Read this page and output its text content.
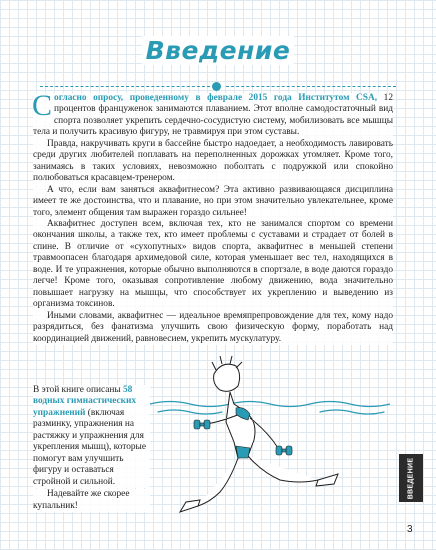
Введение

Согласно опросу, проведенному в феврале 2015 года Институтом CSA, 12 процентов француженок занимаются плаванием. Этот вполне самодостаточный вид спорта позволяет укрепить сердечно-сосудистую систему, мобилизовать все мышцы тела и получить красивую фигуру, не травмируя при этом суставы.

Правда, накручивать круги в бассейне быстро надоедает, а необходимость лавировать среди других любителей поплавать на переполненных дорожках утомляет. Кроме того, занимаясь в таких условиях, невозможно поболтать с подружкой или спокойно полюбоваться красавцем-тренером.

А что, если вам заняться аквафитнесом? Эта активно развивающаяся дисциплина имеет те же достоинства, что и плавание, но при этом значительно увлекательнее, кроме того, элемент общения там выражен гораздо сильнее!

Аквафитнес доступен всем, включая тех, кто не занимался спортом со времени окончания школы, а также тех, кто имеет проблемы с суставами и страдает от болей в спине. В отличие от «сухопутных» видов спорта, аквафитнес в меньшей степени травмоопасен благодаря архимедовой силе, которая уменьшает вес тел, находящихся в воде. И те упражнения, которые обычно выполняются в спортзале, в воде даются гораздо легче! Кроме того, оказывая сопротивление любому движению, вода значительно повышает нагрузку на мышцы, что способствует их укреплению и выведению из организма токсинов.

Иными словами, аквафитнес — идеальное времяпрепровождение для тех, кому надо разрядиться, без фанатизма улучшить свою физическую форму, поработать над координацией движений, равновесием, укрепить мускулатуру.

В этой книге описаны 58 водных гимнастических упражнений (включая разминку, упражнения на растяжку и упражнения для укрепления мышц), которые помогут вам улучшить фигуру и оставаться стройной и сильной.

Надевайте же скорее купальник!

ВВЕДЕНИЕ
3
